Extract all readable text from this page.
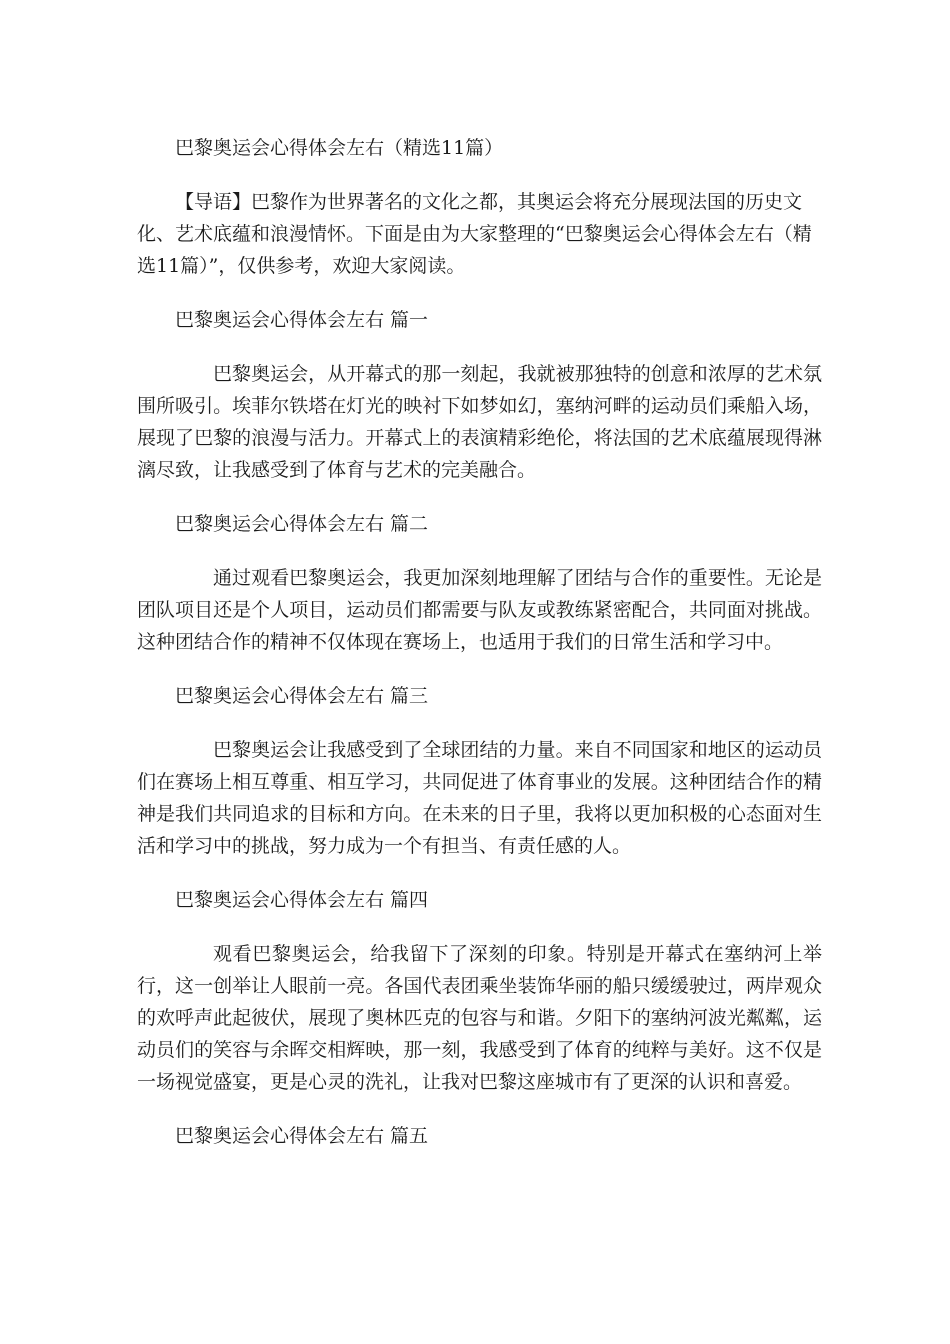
巴黎奥运会心得体会左右（精选11篇）

【导语】巴黎作为世界著名的文化之都，其奥运会将充分展现法国的历史文化、艺术底蕴和浪漫情怀。下面是由为大家整理的“巴黎奥运会心得体会左右（精选11篇）”，仅供参考，欢迎大家阅读。

巴黎奥运会心得体会左右 篇一

巴黎奥运会，从开幕式的那一刻起，我就被那独特的创意和浓厚的艺术氛围所吸引。埃菲尔铁塔在灯光的映衬下如梦如幻，塞纳河畔的运动员们乘船入场，展现了巴黎的浪漫与活力。开幕式上的表演精彩绝伦，将法国的艺术底蕴展现得淋漓尽致，让我感受到了体育与艺术的完美融合。

巴黎奥运会心得体会左右 篇二

通过观看巴黎奥运会，我更加深刻地理解了团结与合作的重要性。无论是团队项目还是个人项目，运动员们都需要与队友或教练紧密配合，共同面对挑战。这种团结合作的精神不仅体现在赛场上，也适用于我们的日常生活和学习中。

巴黎奥运会心得体会左右 篇三

巴黎奥运会让我感受到了全球团结的力量。来自不同国家和地区的运动员们在赛场上相互尊重、相互学习，共同促进了体育事业的发展。这种团结合作的精神是我们共同追求的目标和方向。在未来的日子里，我将以更加积极的心态面对生活和学习中的挑战，努力成为一个有担当、有责任感的人。

巴黎奥运会心得体会左右 篇四

观看巴黎奥运会，给我留下了深刻的印象。特别是开幕式在塞纳河上举行，这一创举让人眼前一亮。各国代表团乘坐装饰华丽的船只缓缓驶过，两岸观众的欢呼声此起彼伏，展现了奥林匹克的包容与和谐。夕阳下的塞纳河波光粼粼，运动员们的笑容与余晖交相辉映，那一刻，我感受到了体育的纯粹与美好。这不仅是一场视觉盛宴，更是心灵的洗礼，让我对巴黎这座城市有了更深的认识和喜爱。

巴黎奥运会心得体会左右 篇五
